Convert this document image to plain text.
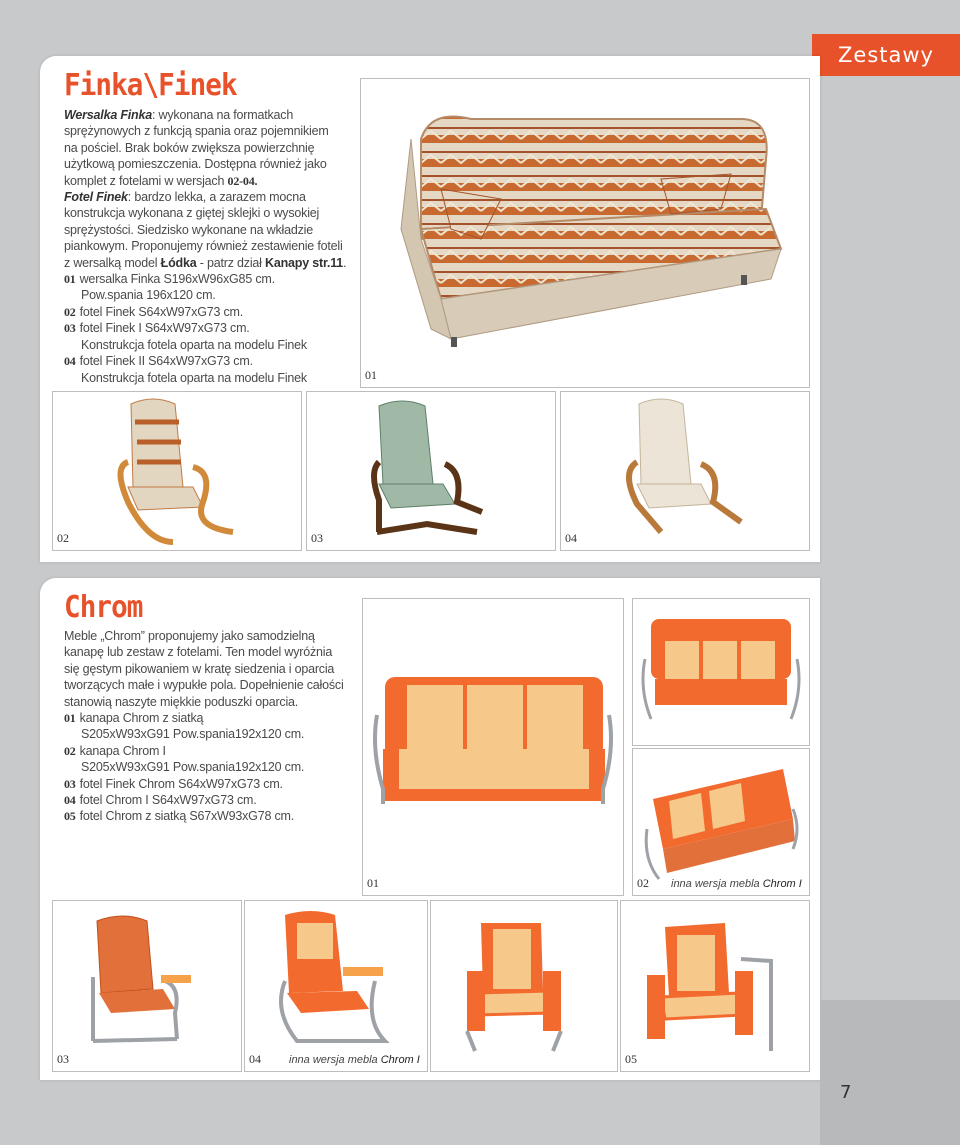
Zestawy
Finka\Finek

Wersalka Finka: wykonana na formatkach

sprężynowych z funkcją spania oraz pojemnikiem

na pościel. Brak boków zwiększa powierzchnię

użytkową pomieszczenia. Dostępna również jako

komplet z fotelami w wersjach 02-04.

Fotel Finek: bardzo lekka, a zarazem mocna

konstrukcja wykonana z giętej sklejki o wysokiej

sprężystości. Siedzisko wykonane na wkładzie

piankowym. Proponujemy również zestawienie foteli

z wersalką model Łódka - patrz dział Kanapy str.11.

01 wersalka Finka S196xW96xG85 cm.

Pow.spania 196x120 cm.

02 fotel Finek S64xW97xG73 cm.

03 fotel Finek I S64xW97xG73 cm.

Konstrukcja fotela oparta na modelu Finek

04 fotel Finek II S64xW97xG73 cm.

Konstrukcja fotela oparta na modelu Finek	01
02	03	04
Chrom

Meble „Chrom” proponujemy jako samodzielną

kanapę lub zestaw z fotelami. Ten model wyróżnia

się gęstym pikowaniem w kratę siedzenia i oparcia

tworzących małe i wypukłe pola. Dopełnienie całości

stanowią naszyte miękkie poduszki oparcia.

01 kanapa Chrom z siatką

S205xW93xG91 Pow.spania192x120 cm.

02 kanapa Chrom I

S205xW93xG91 Pow.spania192x120 cm.

03 fotel Finek Chrom S64xW97xG73 cm.

04 fotel Chrom I S64xW97xG73 cm.

05 fotel Chrom z siatką S67xW93xG78 cm.

01	02 inna wersja mebla Chrom I
03	04	inna wersja mebla Chrom I	05
7
